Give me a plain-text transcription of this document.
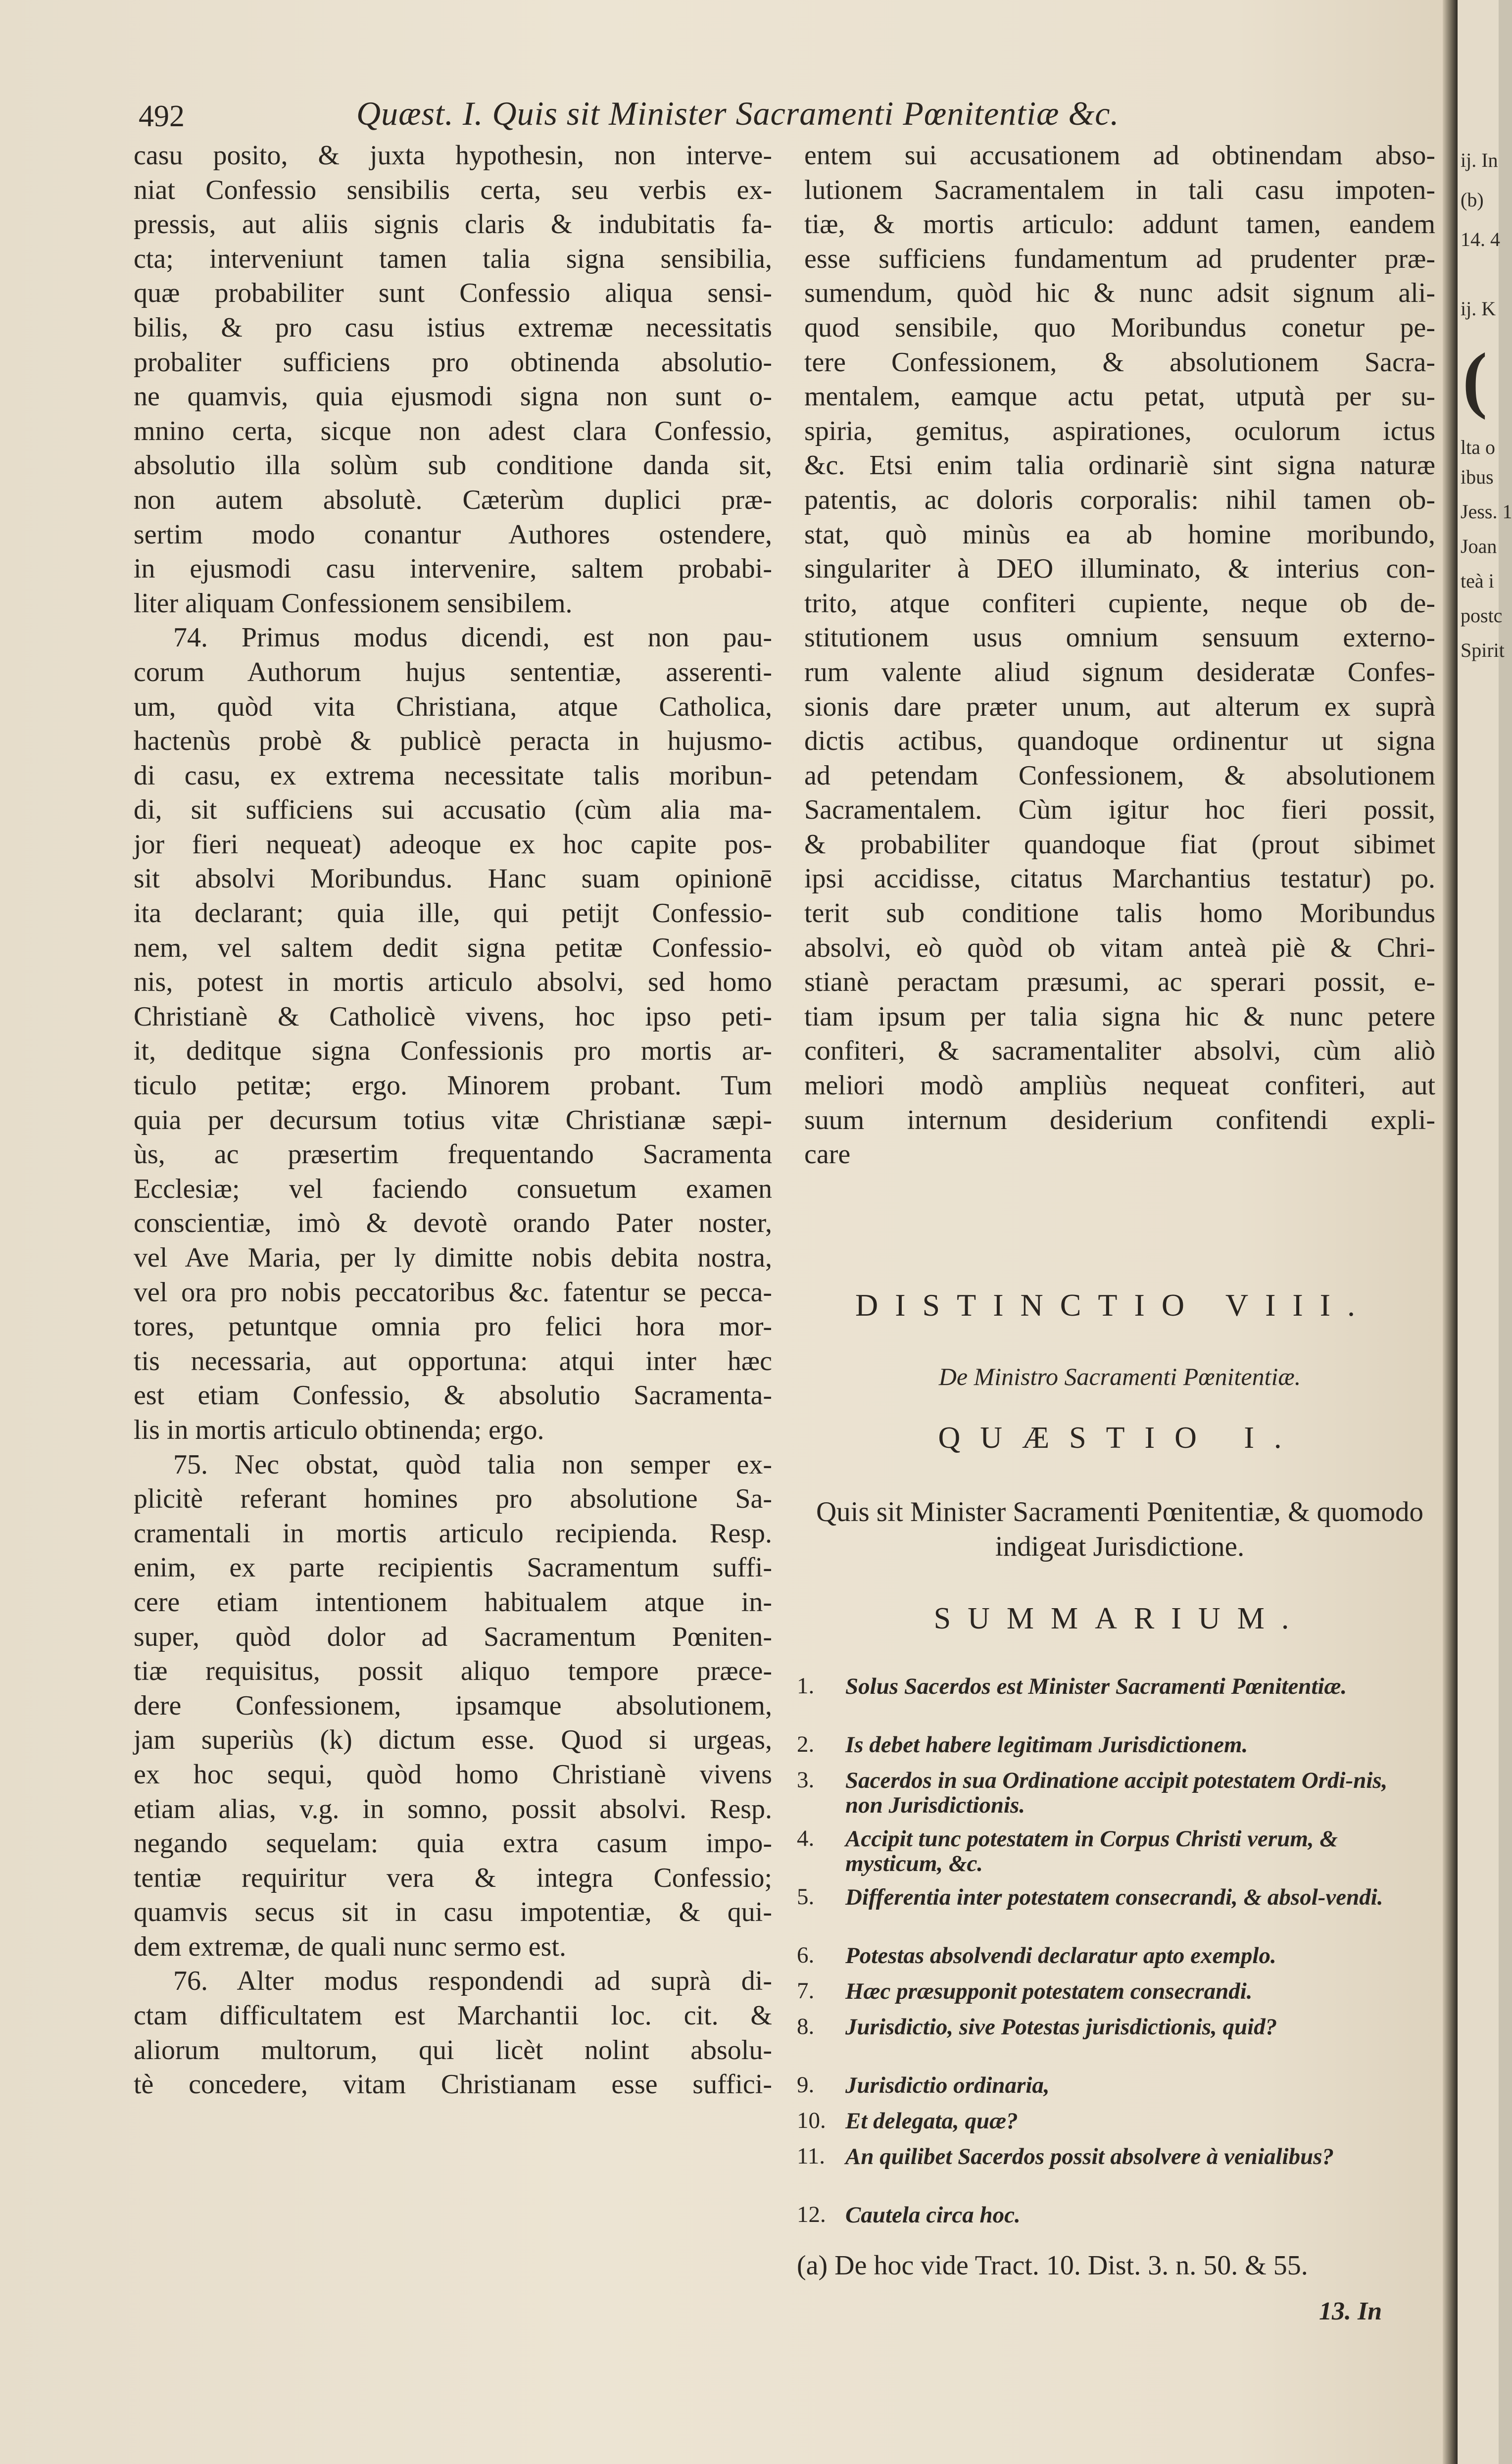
492	Quæst. I. Quis sit Minister Sacramenti Pœnitentiæ &c.
casu posito, & juxta hypothesin, non interve-
niat Confessio sensibilis certa, seu verbis ex-
pressis, aut aliis signis claris & indubitatis fa-
cta; interveniunt tamen talia signa sensibilia,
quæ probabiliter sunt Confessio aliqua sensi-
bilis, & pro casu istius extremæ necessitatis
probaliter sufficiens pro obtinenda absolutio-
ne quamvis, quia ejusmodi signa non sunt o-
mnino certa, sicque non adest clara Confessio,
absolutio illa solùm sub conditione danda sit,
non autem absolutè. Cæterùm duplici præ-
sertim modo conantur Authores ostendere,
in ejusmodi casu intervenire, saltem probabi-
liter aliquam Confessionem sensibilem.
74. Primus modus dicendi, est non pau-
corum Authorum hujus sententiæ, asserenti-
um, quòd vita Christiana, atque Catholica,
hactenùs probè & publicè peracta in hujusmo-
di casu, ex extrema necessitate talis moribun-
di, sit sufficiens sui accusatio (cùm alia ma-
jor fieri nequeat) adeoque ex hoc capite pos-
sit absolvi Moribundus. Hanc suam opinionē
ita declarant; quia ille, qui petijt Confessio-
nem, vel saltem dedit signa petitæ Confessio-
nis, potest in mortis articulo absolvi, sed homo
Christianè & Catholicè vivens, hoc ipso peti-
it, deditque signa Confessionis pro mortis ar-
ticulo petitæ; ergo. Minorem probant. Tum
quia per decursum totius vitæ Christianæ sæpi-
ùs, ac præsertim frequentando Sacramenta
Ecclesiæ; vel faciendo consuetum examen
conscientiæ, imò & devotè orando Pater noster,
vel Ave Maria, per ly dimitte nobis debita nostra,
vel ora pro nobis peccatoribus &c. fatentur se pecca-
tores, petuntque omnia pro felici hora mor-
tis necessaria, aut opportuna: atqui inter hæc
est etiam Confessio, & absolutio Sacramenta-
lis in mortis articulo obtinenda; ergo.
75. Nec obstat, quòd talia non semper ex-
plicitè referant homines pro absolutione Sa-
cramentali in mortis articulo recipienda. Resp.
enim, ex parte recipientis Sacramentum suffi-
cere etiam intentionem habitualem atque in-
super, quòd dolor ad Sacramentum Pœniten-
tiæ requisitus, possit aliquo tempore præce-
dere Confessionem, ipsamque absolutionem,
jam superiùs (k) dictum esse. Quod si urgeas,
ex hoc sequi, quòd homo Christianè vivens
etiam alias, v.g. in somno, possit absolvi. Resp.
negando sequelam: quia extra casum impo-
tentiæ requiritur vera & integra Confessio;
quamvis secus sit in casu impotentiæ, & qui-
dem extremæ, de quali nunc sermo est.
76. Alter modus respondendi ad suprà di-
ctam difficultatem est Marchantii loc. cit. &
aliorum multorum, qui licèt nolint absolu-
tè concedere, vitam Christianam esse suffici-
entem sui accusationem ad obtinendam abso-
lutionem Sacramentalem in tali casu impoten-
tiæ, & mortis articulo: addunt tamen, eandem
esse sufficiens fundamentum ad prudenter præ-
sumendum, quòd hic & nunc adsit signum ali-
quod sensibile, quo Moribundus conetur pe-
tere Confessionem, & absolutionem Sacra-
mentalem, eamque actu petat, utputà per su-
spiria, gemitus, aspirationes, oculorum ictus
&c. Etsi enim talia ordinariè sint signa naturæ
patentis, ac doloris corporalis: nihil tamen ob-
stat, quò minùs ea ab homine moribundo,
singulariter à DEO illuminato, & interius con-
trito, atque confiteri cupiente, neque ob de-
stitutionem usus omnium sensuum externo-
rum valente aliud signum desideratæ Confes-
sionis dare præter unum, aut alterum ex suprà
dictis actibus, quandoque ordinentur ut signa
ad petendam Confessionem, & absolutionem
Sacramentalem. Cùm igitur hoc fieri possit,
& probabiliter quandoque fiat (prout sibimet
ipsi accidisse, citatus Marchantius testatur) po.
terit sub conditione talis homo Moribundus
absolvi, eò quòd ob vitam anteà piè & Chri-
stianè peractam præsumi, ac sperari possit, e-
tiam ipsum per talia signa hic & nunc petere
confiteri, & sacramentaliter absolvi, cùm aliò
meliori modò ampliùs nequeat confiteri, aut
suum internum desiderium confitendi expli-
care
DISTINCTIO VIII.
De Ministro Sacramenti Pœnitentiæ.
QUÆSTIO I.
Quis sit Minister Sacramenti Pœnitentiæ, & quomodo indigeat Jurisdictione.
SUMMARIUM.
1.	Solus Sacerdos est Minister Sacramenti Pœnitentiæ.
2.	Is debet habere legitimam Jurisdictionem.
3.	Sacerdos in sua Ordinatione accipit potestatem Ordi-nis, non Jurisdictionis.
4.	Accipit tunc potestatem in Corpus Christi verum, & mysticum, &c.
5.	Differentia inter potestatem consecrandi, & absol-vendi.
6.	Potestas absolvendi declaratur apto exemplo.
7.	Hæc præsupponit potestatem consecrandi.
8.	Jurisdictio, sive Potestas jurisdictionis, quid?
9.	Jurisdictio ordinaria,
10. Et delegata, quæ?
11. An quilibet Sacerdos possit absolvere à venialibus?
12. Cautela circa hoc.
(a) De hoc vide Tract. 10. Dist. 3. n. 50. & 55.
13. In
ij. In
(b)
14. 4
ij. K
(
lta o
ibus
Jess. 1
Joan
teà i
postc
Spirit
